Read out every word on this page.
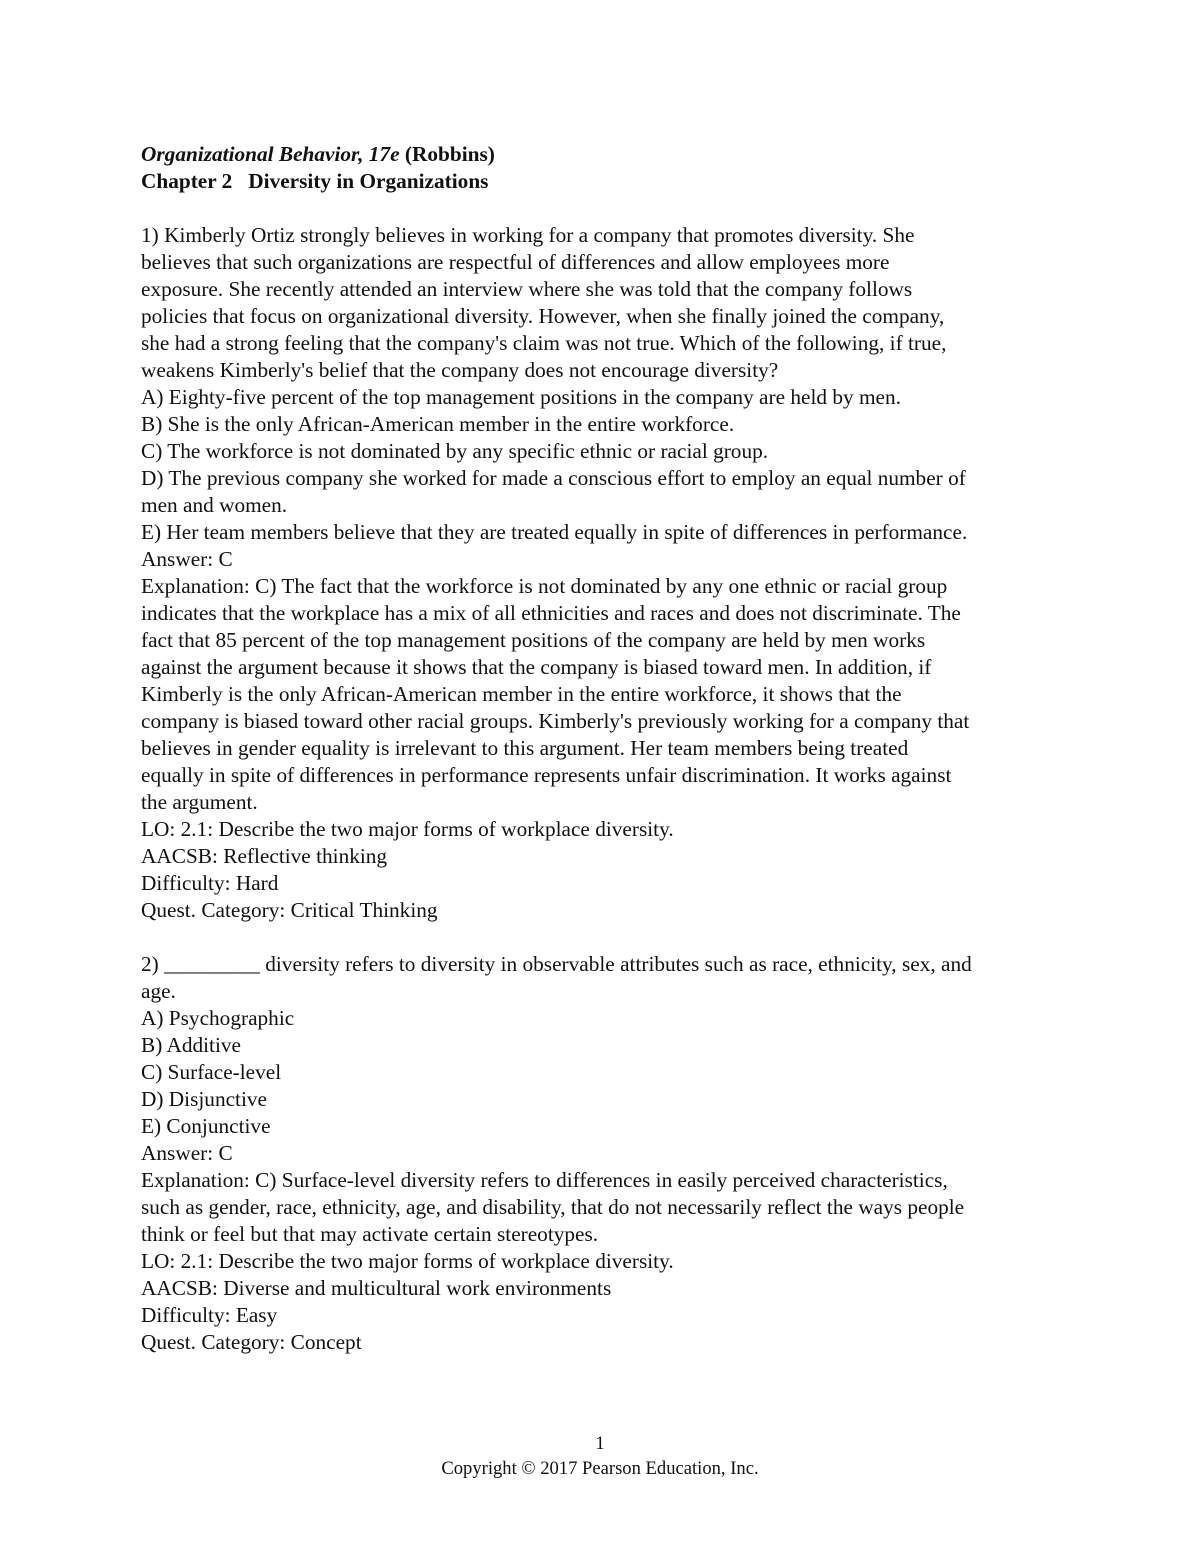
Organizational Behavior, 17e (Robbins)
Chapter 2   Diversity in Organizations
1) Kimberly Ortiz strongly believes in working for a company that promotes diversity. She
believes that such organizations are respectful of differences and allow employees more
exposure. She recently attended an interview where she was told that the company follows
policies that focus on organizational diversity. However, when she finally joined the company,
she had a strong feeling that the company's claim was not true. Which of the following, if true,
weakens Kimberly's belief that the company does not encourage diversity?
A) Eighty-five percent of the top management positions in the company are held by men.
B) She is the only African-American member in the entire workforce.
C) The workforce is not dominated by any specific ethnic or racial group.
D) The previous company she worked for made a conscious effort to employ an equal number of
men and women.
E) Her team members believe that they are treated equally in spite of differences in performance.
Answer: C
Explanation: C) The fact that the workforce is not dominated by any one ethnic or racial group
indicates that the workplace has a mix of all ethnicities and races and does not discriminate. The
fact that 85 percent of the top management positions of the company are held by men works
against the argument because it shows that the company is biased toward men. In addition, if
Kimberly is the only African-American member in the entire workforce, it shows that the
company is biased toward other racial groups. Kimberly's previously working for a company that
believes in gender equality is irrelevant to this argument. Her team members being treated
equally in spite of differences in performance represents unfair discrimination. It works against
the argument.
LO: 2.1: Describe the two major forms of workplace diversity.
AACSB: Reflective thinking
Difficulty: Hard
Quest. Category: Critical Thinking
2) _________ diversity refers to diversity in observable attributes such as race, ethnicity, sex, and
age.
A) Psychographic
B) Additive
C) Surface-level
D) Disjunctive
E) Conjunctive
Answer: C
Explanation: C) Surface-level diversity refers to differences in easily perceived characteristics,
such as gender, race, ethnicity, age, and disability, that do not necessarily reflect the ways people
think or feel but that may activate certain stereotypes.
LO: 2.1: Describe the two major forms of workplace diversity.
AACSB: Diverse and multicultural work environments
Difficulty: Easy
Quest. Category: Concept
1
Copyright © 2017 Pearson Education, Inc.
